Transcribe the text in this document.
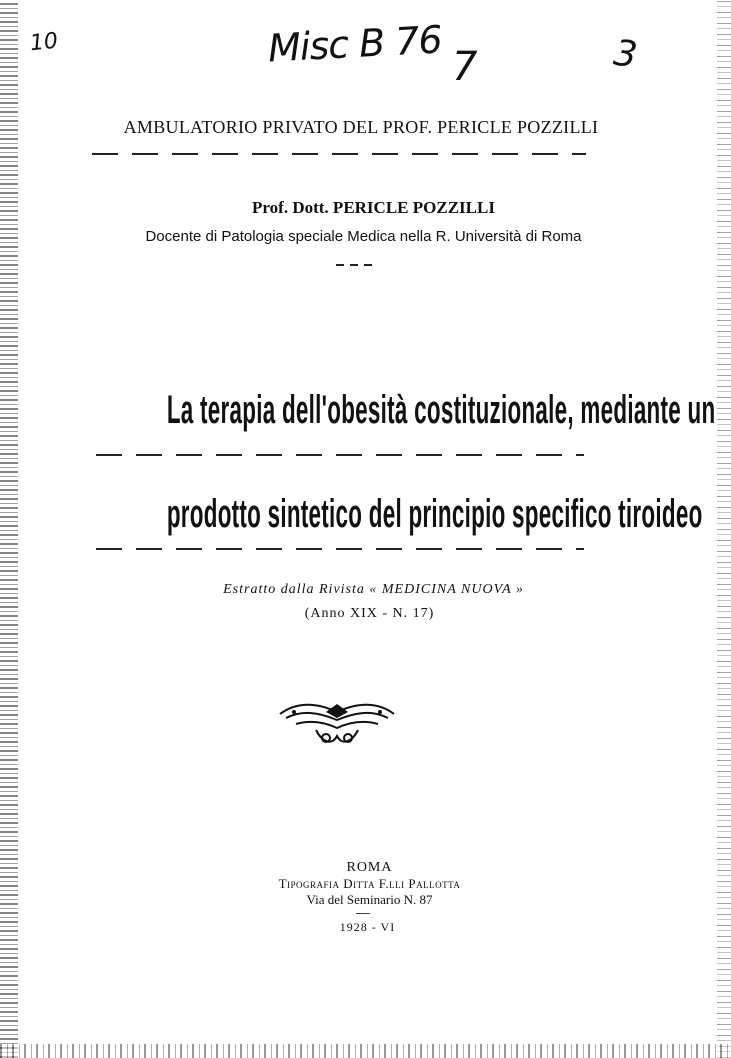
10	Misc B 76 7	3
AMBULATORIO PRIVATO DEL PROF. PERICLE POZZILLI
Prof. Dott. PERICLE POZZILLI
Docente di Patologia speciale Medica nella R. Università di Roma
La terapia dell'obesità costituzionale, mediante un
prodotto sintetico del principio specifico tiroideo
Estratto dalla Rivista « MEDICINA NUOVA »
(Anno XIX - N. 17)
ROMA
Tipografia Ditta F.lli Pallotta
Via del Seminario N. 87
1928 - VI
